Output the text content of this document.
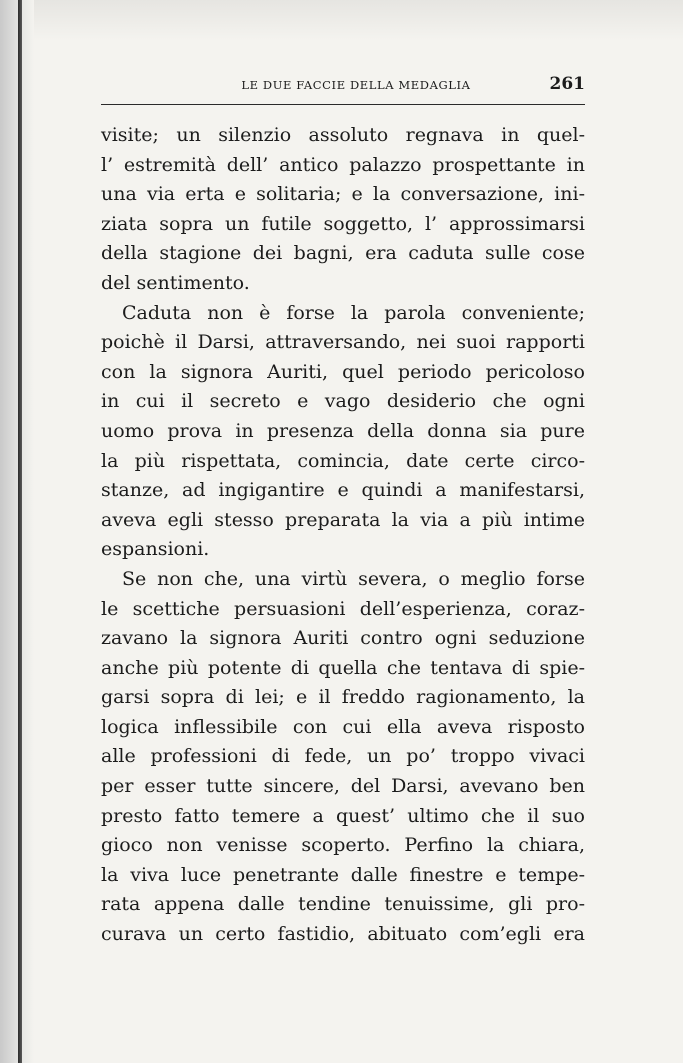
LE DUE FACCIE DELLA MEDAGLIA	261
visite; un silenzio assoluto regnava in quel-
l’ estremità dell’ antico palazzo prospettante in
una via erta e solitaria; e la conversazione, ini-
ziata sopra un futile soggetto, l’ approssimarsi
della stagione dei bagni, era caduta sulle cose
del sentimento.
Caduta non è forse la parola conveniente;
poichè il Darsi, attraversando, nei suoi rapporti
con la signora Auriti, quel periodo pericoloso
in cui il secreto e vago desiderio che ogni
uomo prova in presenza della donna sia pure
la più rispettata, comincia, date certe circo-
stanze, ad ingigantire e quindi a manifestarsi,
aveva egli stesso preparata la via a più intime
espansioni.
Se non che, una virtù severa, o meglio forse
le scettiche persuasioni dell’esperienza, coraz-
zavano la signora Auriti contro ogni seduzione
anche più potente di quella che tentava di spie-
garsi sopra di lei; e il freddo ragionamento, la
logica inflessibile con cui ella aveva risposto
alle professioni di fede, un po’ troppo vivaci
per esser tutte sincere, del Darsi, avevano ben
presto fatto temere a quest’ ultimo che il suo
gioco non venisse scoperto. Perfino la chiara,
la viva luce penetrante dalle finestre e tempe-
rata appena dalle tendine tenuissime, gli pro-
curava un certo fastidio, abituato com’egli era
